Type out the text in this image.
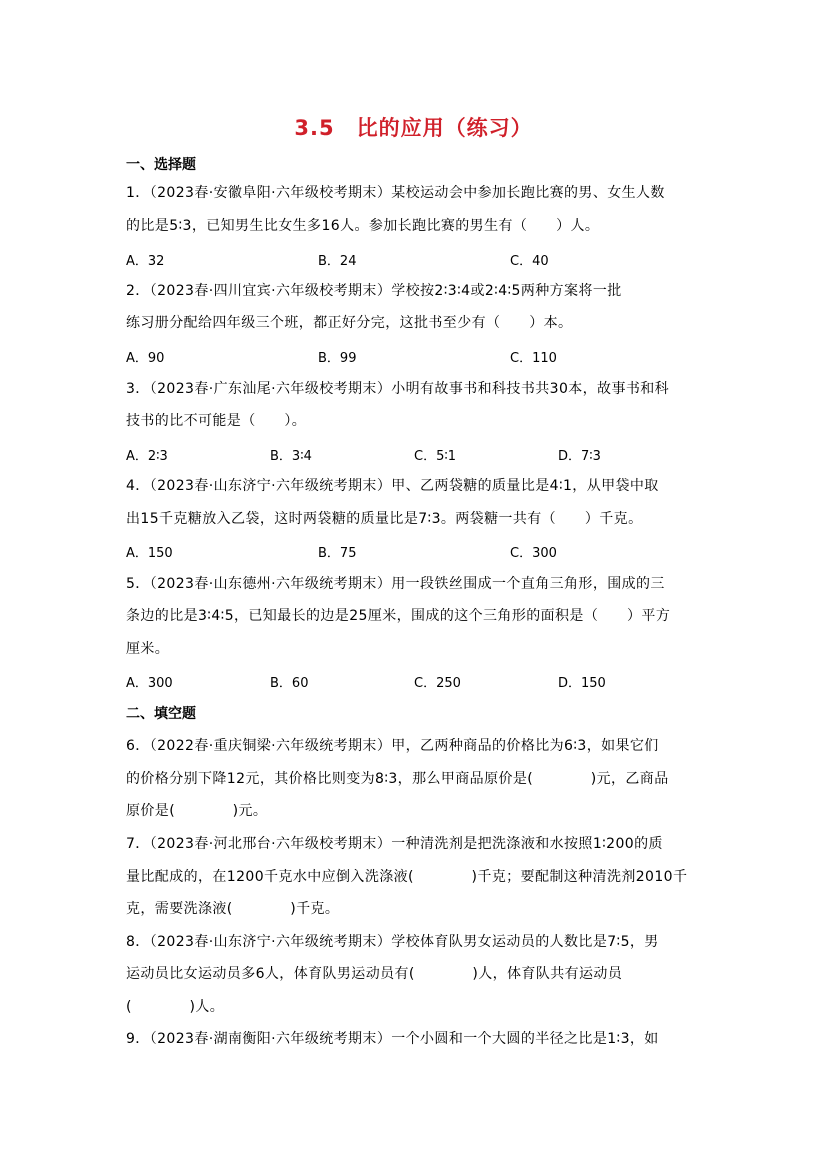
3.5　比的应用（练习）
一、选择题
1．（2023春·安徽阜阳·六年级校考期末）某校运动会中参加长跑比赛的男、女生人数
的比是5∶3，已知男生比女生多16人。参加长跑比赛的男生有（　　）人。
A．32	B．24	C．40
2．（2023春·四川宜宾·六年级校考期末）学校按2∶3∶4或2∶4∶5两种方案将一批
练习册分配给四年级三个班，都正好分完，这批书至少有（　　）本。
A．90	B．99	C．110
3．（2023春·广东汕尾·六年级校考期末）小明有故事书和科技书共30本，故事书和科
技书的比不可能是（　　）。
A．2∶3	B．3∶4	C．5∶1	D．7∶3
4．（2023春·山东济宁·六年级统考期末）甲、乙两袋糖的质量比是4∶1，从甲袋中取
出15千克糖放入乙袋，这时两袋糖的质量比是7∶3。两袋糖一共有（　　）千克。
A．150	B．75	C．300
5．（2023春·山东德州·六年级统考期末）用一段铁丝围成一个直角三角形，围成的三
条边的比是3∶4∶5，已知最长的边是25厘米，围成的这个三角形的面积是（　　）平方
厘米。
A．300	B．60	C．250	D．150
二、填空题
6．（2022春·重庆铜梁·六年级统考期末）甲，乙两种商品的价格比为6∶3，如果它们
的价格分别下降12元，其价格比则变为8∶3，那么甲商品原价是(　　　　)元，乙商品
原价是(　　　　)元。
7．（2023春·河北邢台·六年级校考期末）一种清洗剂是把洗涤液和水按照1∶200的质
量比配成的，在1200千克水中应倒入洗涤液(　　　　)千克；要配制这种清洗剂2010千
克，需要洗涤液(　　　　)千克。
8．（2023春·山东济宁·六年级统考期末）学校体育队男女运动员的人数比是7∶5，男
运动员比女运动员多6人，体育队男运动员有(　　　　)人，体育队共有运动员
(　　　　)人。
9．（2023春·湖南衡阳·六年级统考期末）一个小圆和一个大圆的半径之比是1∶3，如
